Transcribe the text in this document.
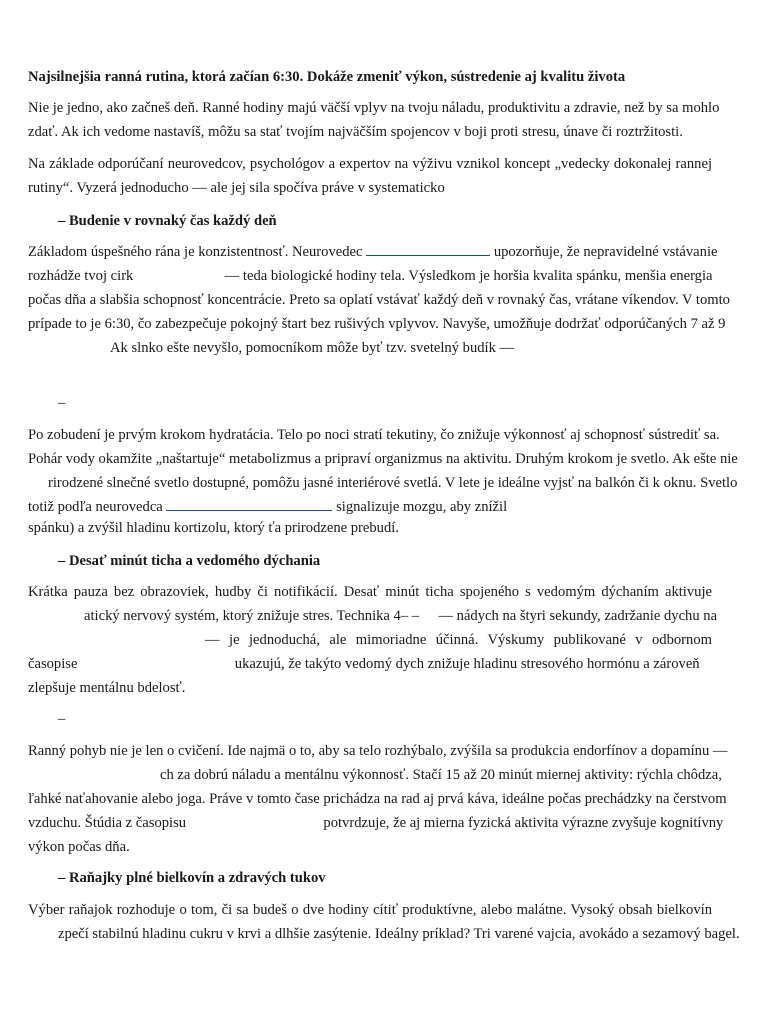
Najsilnejšia ranná rutina, ktorá začían 6:30. Dokáže zmeniť výkon, sústredenie aj kvalitu života
Nie je jedno, ako začneš deň. Ranné hodiny majú väčší vplyv na tvoju náladu, produktivitu a zdravie, než by sa mohlo
zdať. Ak ich vedome nastavíš, môžu sa stať tvojím najväčším spojencov v boji proti stresu, únave či roztržitosti.
Na základe odporúčaní neurovedcov, psychológov a expertov na výživu vznikol koncept „vedecky dokonalej rannej
rutiny“. Vyzerá jednoducho — ale jej sila spočíva práve v systematicko
– Budenie v rovnaký čas každý deň
Základom úspešného rána je konzistentnosť. Neurovedec	upozorňuje, že nepravidelné vstávanie
rozhádže tvoj cirk	— teda biologické hodiny tela. Výsledkom je horšia kvalita spánku, menšia energia
počas dňa a slabšia schopnosť koncentrácie. Preto sa oplatí vstávať každý deň v rovnaký čas, vrátane víkendov. V tomto
prípade to je 6:30, čo zabezpečuje pokojný štart bez rušivých vplyvov. Navyše, umožňuje dodržať odporúčaných 7 až 9
Ak slnko ešte nevyšlo, pomocníkom môže byť tzv. svetelný budík —
–
Po zobudení je prvým krokom hydratácia. Telo po noci stratí tekutiny, čo znižuje výkonnosť aj schopnosť sústrediť sa.
Pohár vody okamžite „naštartuje“ metabolizmus a pripraví organizmus na aktivitu. Druhým krokom je svetlo. Ak ešte nie
rirodzené slnečné svetlo dostupné, pomôžu jasné interiérové svetlá. V lete je ideálne vyjsť na balkón či k oknu. Svetlo
totiž podľa neurovedca	signalizuje mozgu, aby znížil
spánku) a zvýšil hladinu kortizolu, ktorý ťa prirodzene prebudí.
– Desať minút ticha a vedomého dýchania
Krátka pauza bez obrazoviek, hudby či notifikácií. Desať minút ticha spojeného s vedomým dýchaním aktivuje
atický nervový systém, ktorý znižuje stres. Technika 4– – — nádych na štyri sekundy, zadržanie dychu na
— je jednoduchá, ale mimoriadne účinná. Výskumy publikované v odbornom
časopise	ukazujú, že takýto vedomý dych znižuje hladinu stresového hormónu a zároveň
zlepšuje mentálnu bdelosť.
–
Ranný pohyb nie je len o cvičení. Ide najmä o to, aby sa telo rozhýbalo, zvýšila sa produkcia endorfínov a dopamínu —
ch za dobrú náladu a mentálnu výkonnosť. Stačí 15 až 20 minút miernej aktivity: rýchla chôdza,
ľahké naťahovanie alebo joga. Práve v tomto čase prichádza na rad aj prvá káva, ideálne počas prechádzky na čerstvom
vzduchu. Štúdia z časopisu	potvrdzuje, že aj mierna fyzická aktivita výrazne zvyšuje kognitívny
výkon počas dňa.
– Raňajky plné bielkovín a zdravých tukov
Výber raňajok rozhoduje o tom, či sa budeš o dve hodiny cítiť produktívne, alebo malátne. Vysoký obsah bielkovín
zpečí stabilnú hladinu cukru v krvi a dlhšie zasýtenie. Ideálny príklad? Tri varené vajcia, avokádo a sezamový bagel.
